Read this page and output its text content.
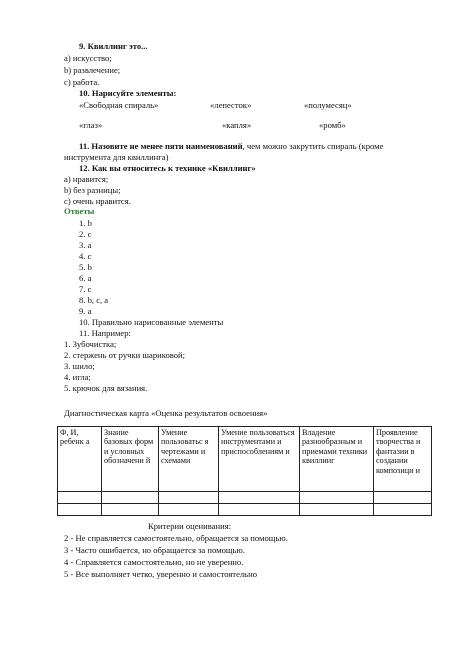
9. Квиллинг это...
a) искусство;
b) развлечение;
c) работа.
10. Нарисуйте элементы:
«Свободная спираль»	«лепесток»	«полумесяц»
«глаз»	«капля»	«ромб»
11. Назовите не менее пяти наименований, чем можно закрутить спираль (кроме
инструмента для квиллинга)
12. Как вы относитесь к технике «Квиллинг»
a) нравится;
b) без разницы;
c) очень нравится.
Ответы
1. b
2. c
3. a
4. c
5. b
6. a
7. c
8. b, c, a
9. a
10. Правильно нарисованные элементы
11. Например:
1. Зубочистка;
2. стержень от ручки шариковой;
3. шило;
4. игла;
5. крючок для вязания.
Диагностическая карта «Оценка результатов освоения»
Ф, И, ребенк а	Знание базовых форм и условных обозначени й	Умение пользоватьс я чертежами и схемами	Умение пользоваться инструментами и приспособлениям и	Владение разнообразным и приемами техники квиллинг	Проявление творчества и фантазии в создании композици и

Критерии оценивания:
2 - Не справляется самостоятельно, обращается за помощью.
3 - Часто ошибается, но обращается за помощью.
4 - Справляется самостоятельно, но не уверенно.
5 - Все выполняет четко, уверенно и самостоятельно
